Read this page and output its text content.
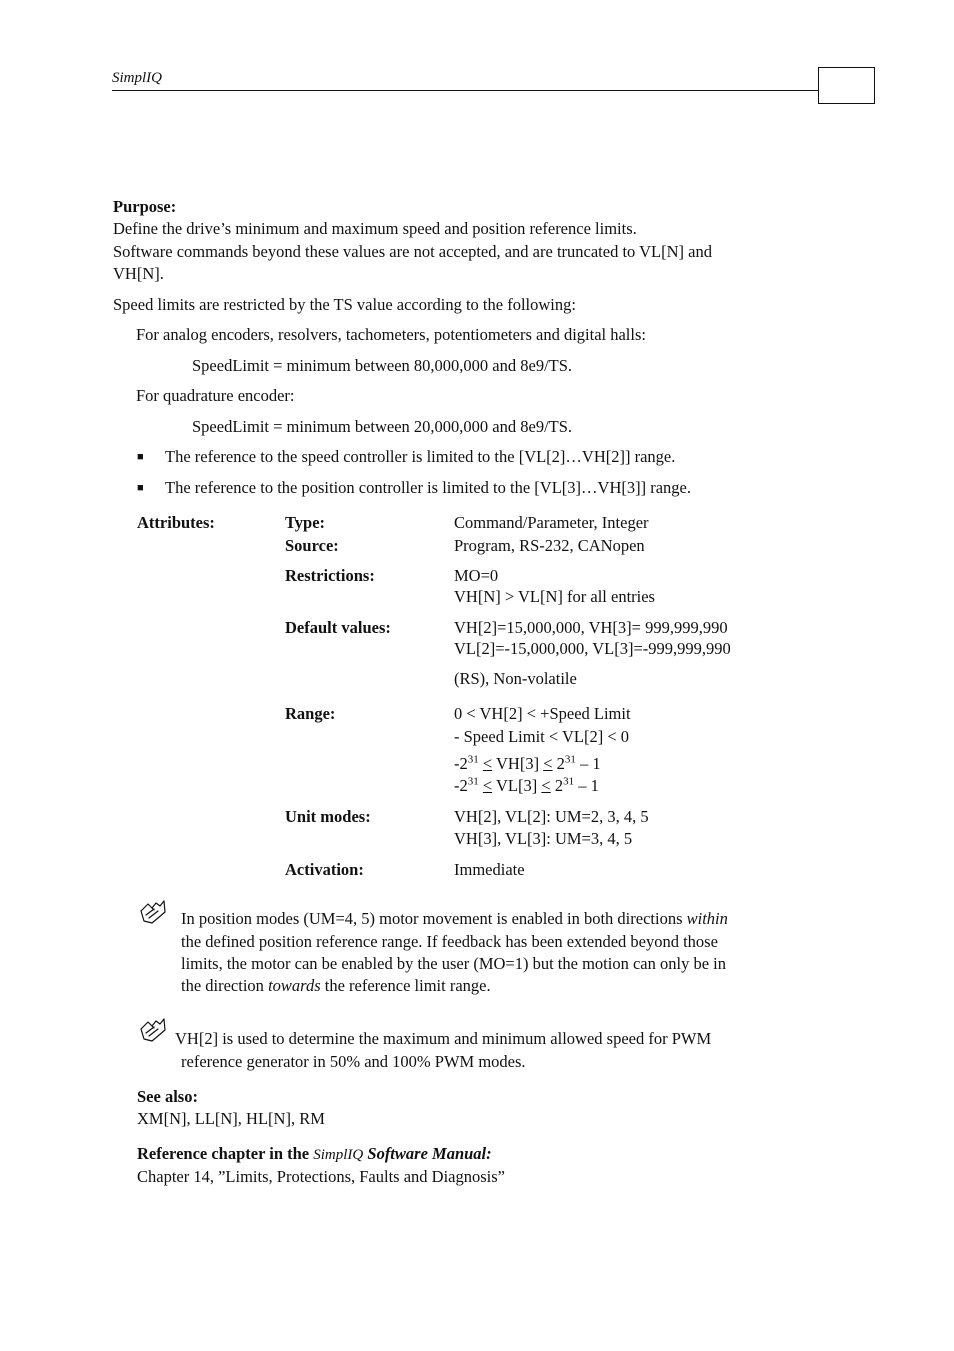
SimplIQ
Purpose:
Define the drive’s minimum and maximum speed and position reference limits.
Software commands beyond these values are not accepted, and are truncated to VL[N] and
VH[N].
Speed limits are restricted by the TS value according to the following:
For analog encoders, resolvers, tachometers, potentiometers and digital halls:
SpeedLimit = minimum between 80,000,000 and 8e9/TS.
For quadrature encoder:
SpeedLimit = minimum between 20,000,000 and 8e9/TS.
■ The reference to the speed controller is limited to the [VL[2]…VH[2]] range.
■ The reference to the position controller is limited to the [VL[3]…VH[3]] range.
Attributes:	Type:	Command/Parameter, Integer
Source:	Program, RS-232, CANopen
Restrictions:	MO=0
VH[N] > VL[N] for all entries
Default values:	VH[2]=15,000,000, VH[3]= 999,999,990
VL[2]=-15,000,000, VL[3]=-999,999,990
(RS), Non-volatile
Range:	0 < VH[2] < +Speed Limit
- Speed Limit < VL[2] < 0
$-2^{31} < VH[3] < 2^{31} - 1$
$-2^{31} < VL[3] < 2^{31} - 1$
Unit modes:	VH[2], VL[2]: UM=2, 3, 4, 5
VH[3], VL[3]: UM=3, 4, 5
Activation:	Immediate
In position modes (UM=4, 5) motor movement is enabled in both directions within
the defined position reference range. If feedback has been extended beyond those
limits, the motor can be enabled by the user (MO=1) but the motion can only be in
the direction towards the reference limit range.
VH[2] is used to determine the maximum and minimum allowed speed for PWM
reference generator in 50% and 100% PWM modes.
See also:
XM[N], LL[N], HL[N], RM
Reference chapter in the SimplIQ Software Manual:
Chapter 14, ”Limits, Protections, Faults and Diagnosis”
